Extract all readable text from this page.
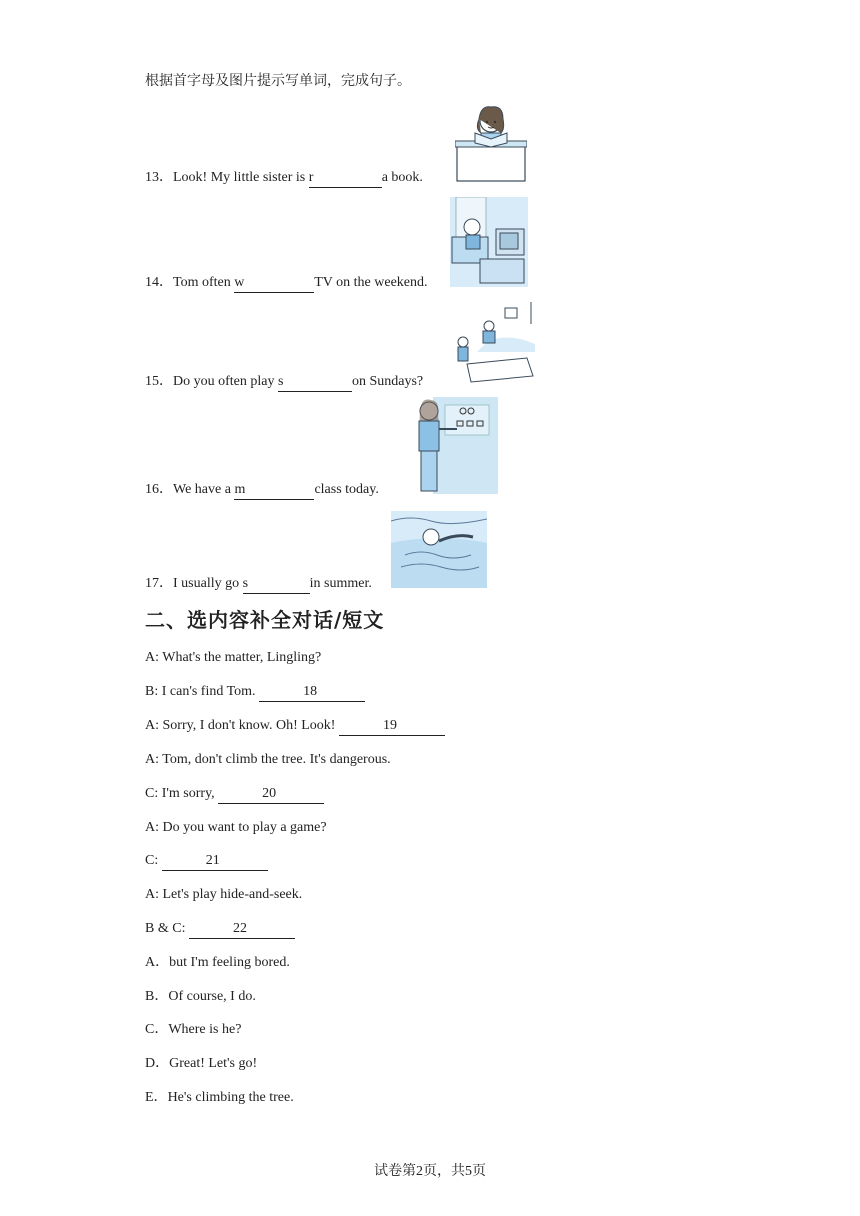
根据首字母及图片提示写单词，完成句子。
13．Look! My little sister is r	a book.
14．Tom often w	TV on the weekend.
15．Do you often play s	on Sundays?
16．We have a m	class today.
17．I usually go s	in summer.
二、选内容补全对话/短文
A: What's the matter, Lingling?
B: I can's find Tom.	18
A: Sorry, I don't know. Oh! Look!	19
A: Tom, don't climb the tree. It's dangerous.
C: I'm sorry,	20
A: Do you want to play a game?
C:	21
A: Let's play hide-and-seek.
B & C:	22
A．but I'm feeling bored.
B．Of course, I do.
C．Where is he?
D．Great! Let's go!
E．He's climbing the tree.
试卷第2页，共5页
